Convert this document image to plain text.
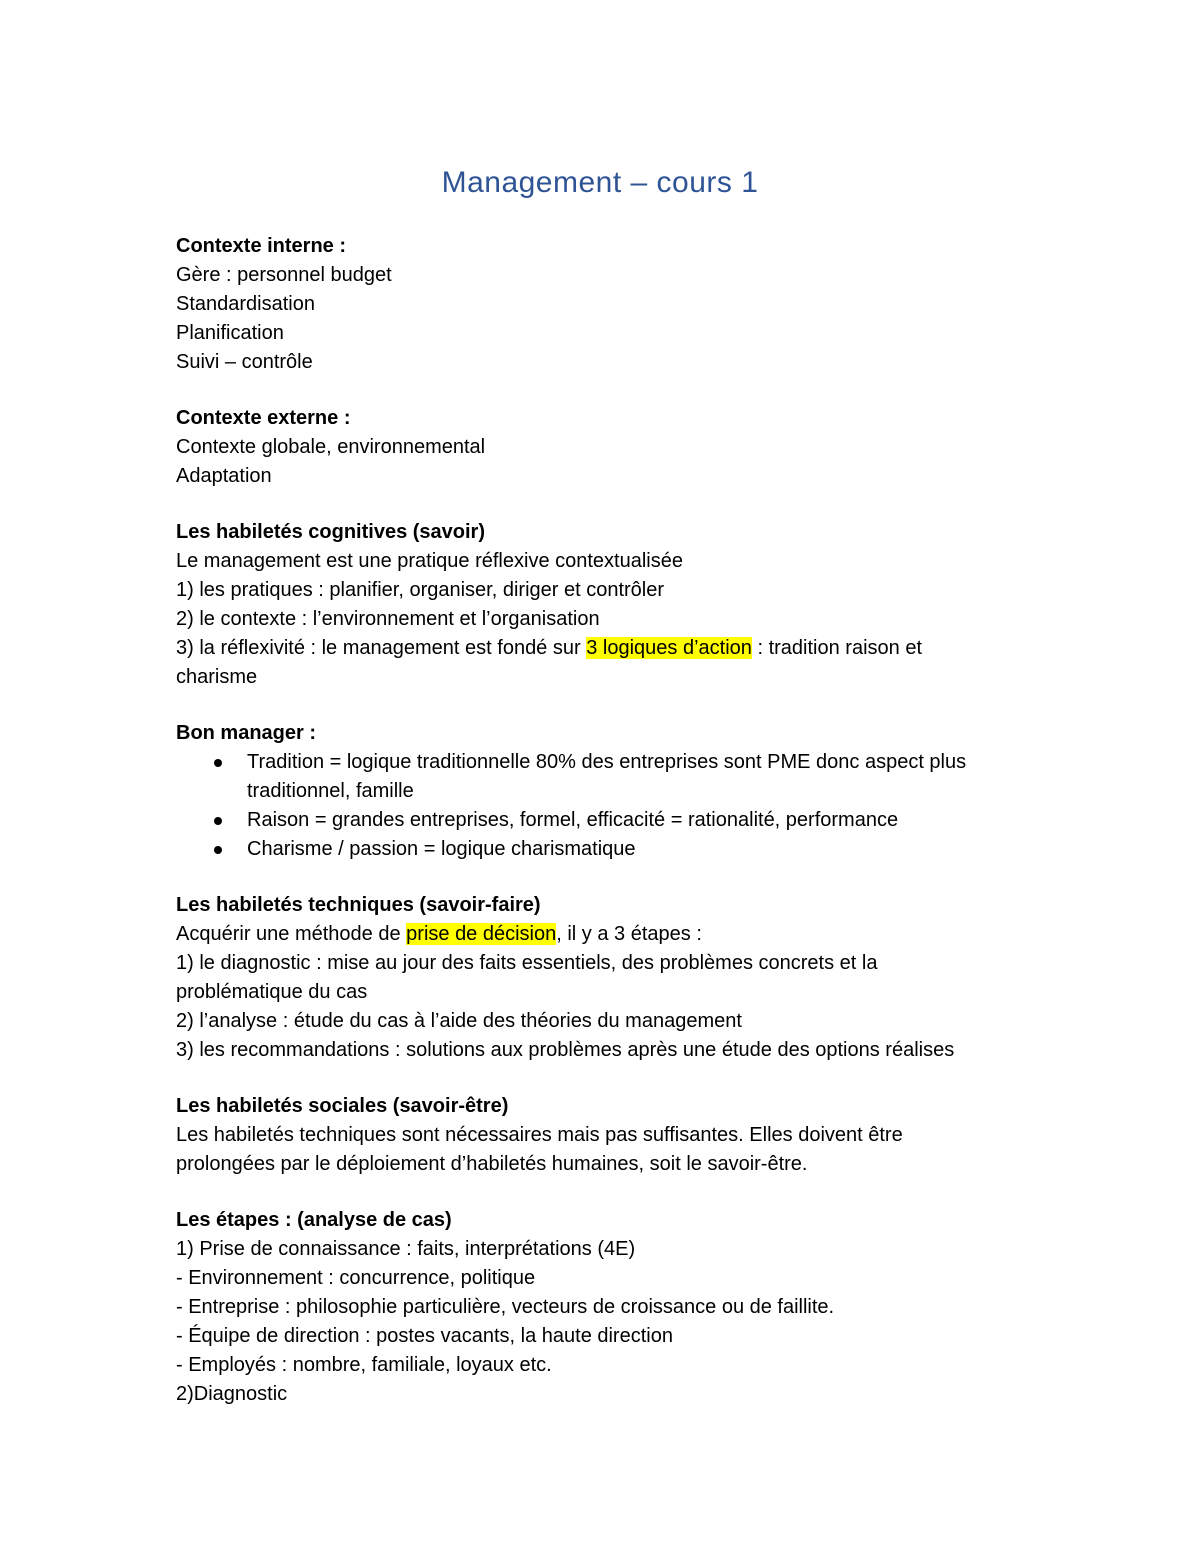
Management – cours 1
Contexte interne :
Gère : personnel budget
Standardisation
Planification
Suivi – contrôle
Contexte externe :
Contexte globale, environnemental
Adaptation
Les habiletés cognitives (savoir)
Le management est une pratique réflexive contextualisée
1) les pratiques : planifier, organiser, diriger et contrôler
2) le contexte : l’environnement et l’organisation
3) la réflexivité : le management est fondé sur 3 logiques d’action : tradition raison et
charisme
Bon manager :
Tradition = logique traditionnelle 80% des entreprises sont PME donc aspect plus
traditionnel, famille
Raison = grandes entreprises, formel, efficacité = rationalité, performance
Charisme / passion = logique charismatique
Les habiletés techniques (savoir-faire)
Acquérir une méthode de prise de décision, il y a 3 étapes :
1) le diagnostic : mise au jour des faits essentiels, des problèmes concrets et la
problématique du cas
2) l’analyse : étude du cas à l’aide des théories du management
3) les recommandations : solutions aux problèmes après une étude des options réalises
Les habiletés sociales (savoir-être)
Les habiletés techniques sont nécessaires mais pas suffisantes. Elles doivent être
prolongées par le déploiement d’habiletés humaines, soit le savoir-être.
Les étapes : (analyse de cas)
1) Prise de connaissance : faits, interprétations (4E)
- Environnement : concurrence, politique
- Entreprise : philosophie particulière, vecteurs de croissance ou de faillite.
- Équipe de direction : postes vacants, la haute direction
- Employés : nombre, familiale, loyaux etc.
2)Diagnostic
